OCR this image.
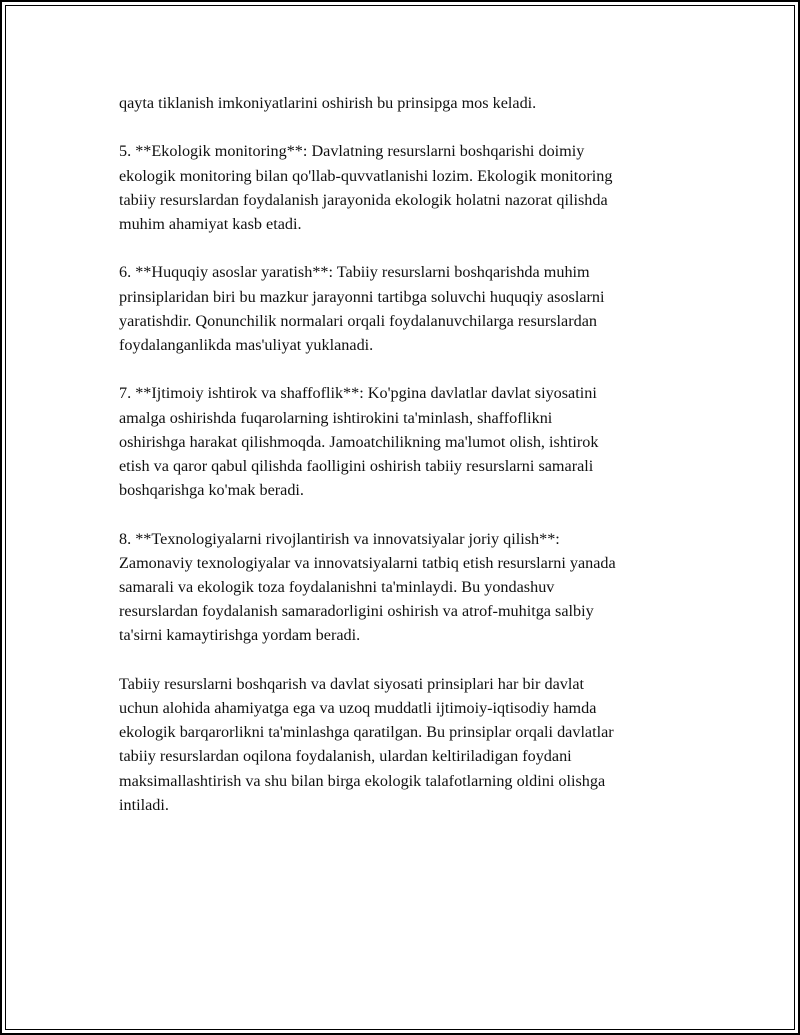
qayta tiklanish imkoniyatlarini oshirish bu prinsipga mos keladi.

5. **Ekologik monitoring**: Davlatning resurslarni boshqarishi doimiy
ekologik monitoring bilan qo'llab-quvvatlanishi lozim. Ekologik monitoring
tabiiy resurslardan foydalanish jarayonida ekologik holatni nazorat qilishda
muhim ahamiyat kasb etadi.

6. **Huquqiy asoslar yaratish**: Tabiiy resurslarni boshqarishda muhim
prinsiplaridan biri bu mazkur jarayonni tartibga soluvchi huquqiy asoslarni
yaratishdir. Qonunchilik normalari orqali foydalanuvchilarga resurslardan
foydalanganlikda mas'uliyat yuklanadi.

7. **Ijtimoiy ishtirok va shaffoflik**: Ko'pgina davlatlar davlat siyosatini
amalga oshirishda fuqarolarning ishtirokini ta'minlash, shaffoflikni
oshirishga harakat qilishmoqda. Jamoatchilikning ma'lumot olish, ishtirok
etish va qaror qabul qilishda faolligini oshirish tabiiy resurslarni samarali
boshqarishga ko'mak beradi.

8. **Texnologiyalarni rivojlantirish va innovatsiyalar joriy qilish**:
Zamonaviy texnologiyalar va innovatsiyalarni tatbiq etish resurslarni yanada
samarali va ekologik toza foydalanishni ta'minlaydi. Bu yondashuv
resurslardan foydalanish samaradorligini oshirish va atrof-muhitga salbiy
ta'sirni kamaytirishga yordam beradi.

Tabiiy resurslarni boshqarish va davlat siyosati prinsiplari har bir davlat
uchun alohida ahamiyatga ega va uzoq muddatli ijtimoiy-iqtisodiy hamda
ekologik barqarorlikni ta'minlashga qaratilgan. Bu prinsiplar orqali davlatlar
tabiiy resurslardan oqilona foydalanish, ulardan keltiriladigan foydani
maksimallashtirish va shu bilan birga ekologik talafotlarning oldini olishga
intiladi.
